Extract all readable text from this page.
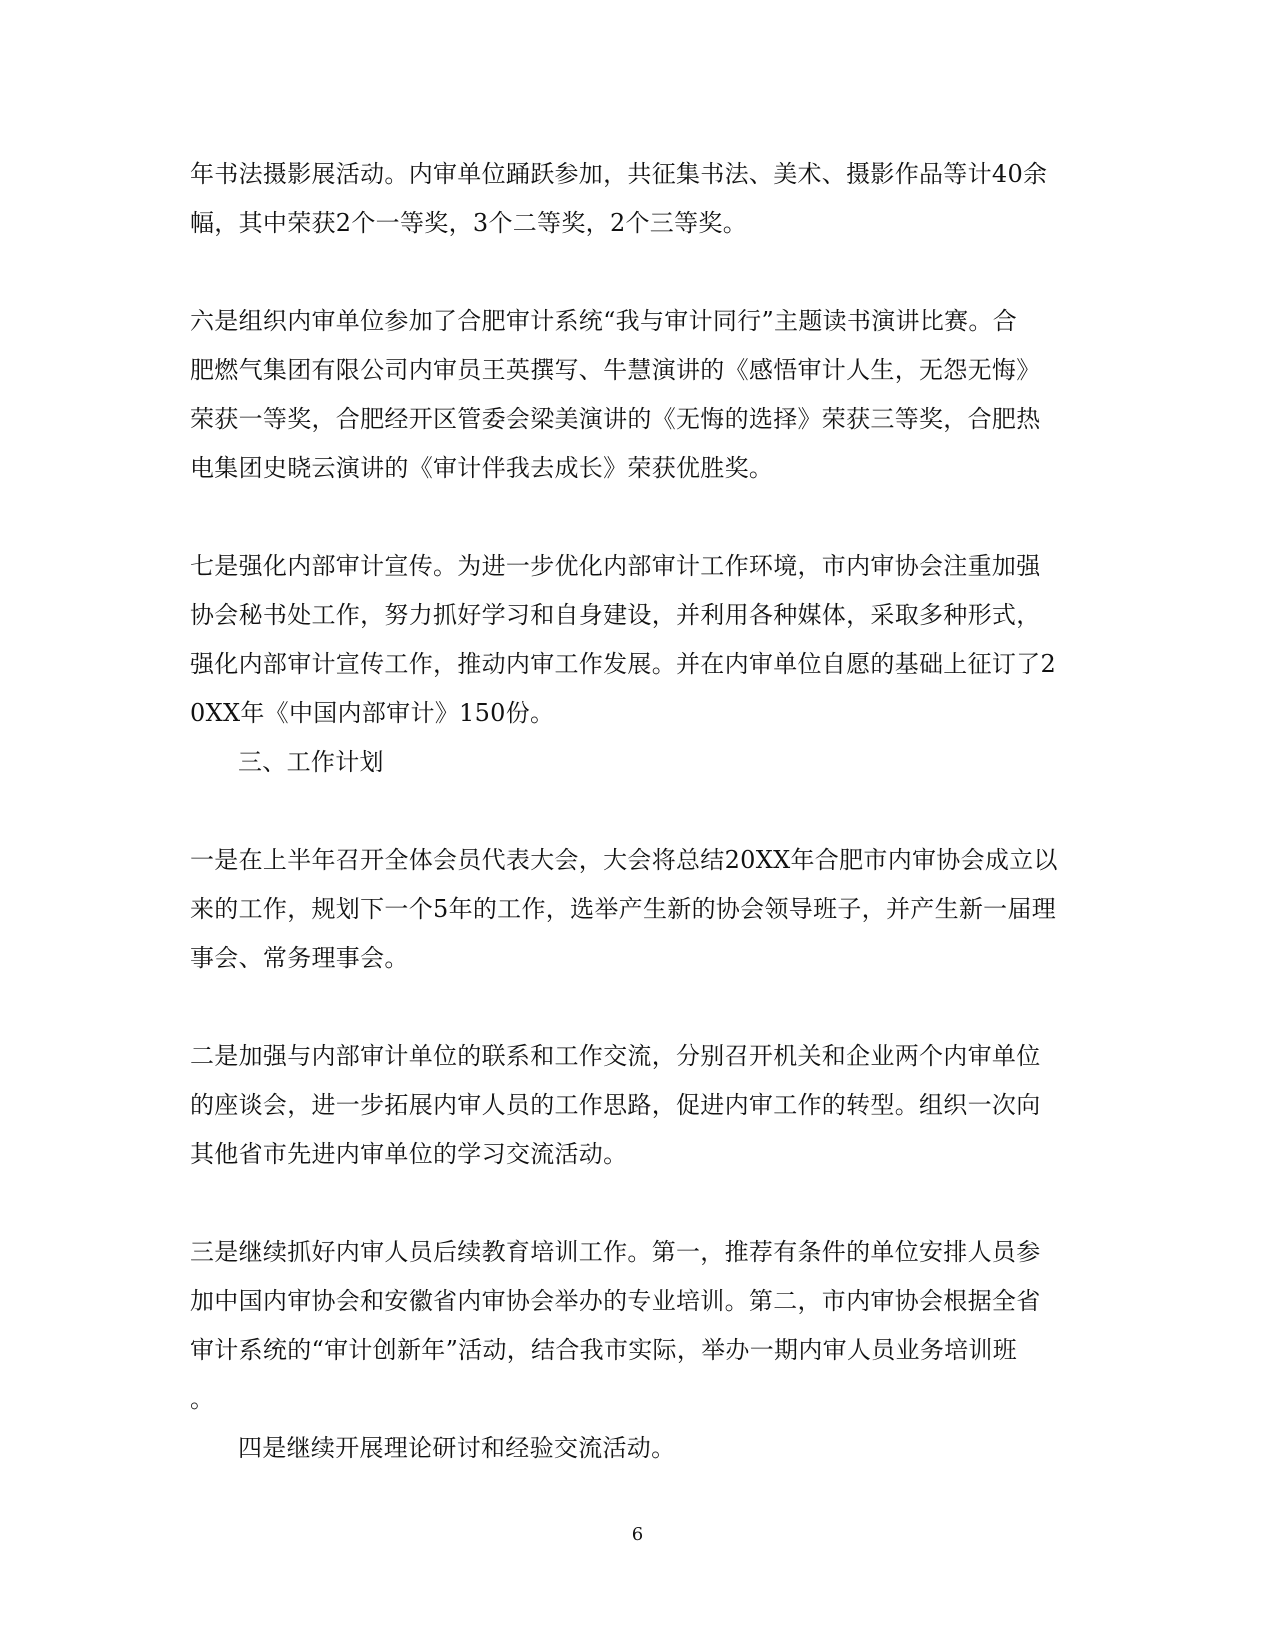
年书法摄影展活动。内审单位踊跃参加，共征集书法、美术、摄影作品等计40余
幅，其中荣获2个一等奖，3个二等奖，2个三等奖。
六是组织内审单位参加了合肥审计系统“我与审计同行”主题读书演讲比赛。合
肥燃气集团有限公司内审员王英撰写、牛慧演讲的《感悟审计人生，无怨无悔》
荣获一等奖，合肥经开区管委会梁美演讲的《无悔的选择》荣获三等奖，合肥热
电集团史晓云演讲的《审计伴我去成长》荣获优胜奖。
七是强化内部审计宣传。为进一步优化内部审计工作环境，市内审协会注重加强
协会秘书处工作，努力抓好学习和自身建设，并利用各种媒体，采取多种形式，
强化内部审计宣传工作，推动内审工作发展。并在内审单位自愿的基础上征订了2
0XX年《中国内部审计》150份。
三、工作计划
一是在上半年召开全体会员代表大会，大会将总结20XX年合肥市内审协会成立以
来的工作，规划下一个5年的工作，选举产生新的协会领导班子，并产生新一届理
事会、常务理事会。
二是加强与内部审计单位的联系和工作交流，分别召开机关和企业两个内审单位
的座谈会，进一步拓展内审人员的工作思路，促进内审工作的转型。组织一次向
其他省市先进内审单位的学习交流活动。
三是继续抓好内审人员后续教育培训工作。第一，推荐有条件的单位安排人员参
加中国内审协会和安徽省内审协会举办的专业培训。第二，市内审协会根据全省
审计系统的“审计创新年”活动，结合我市实际，举办一期内审人员业务培训班
。
四是继续开展理论研讨和经验交流活动。
6
